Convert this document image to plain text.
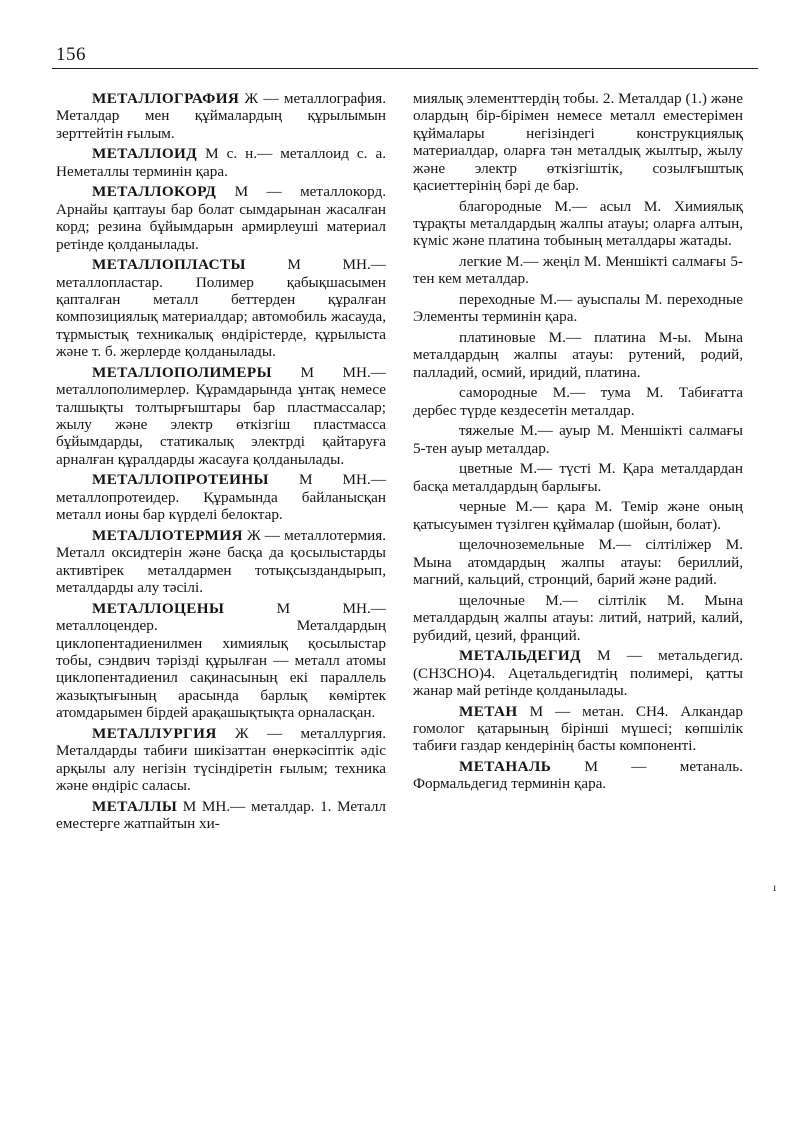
156

МЕТАЛЛОГРАФИЯ Ж — металлография. Металдар мен құймалардың құрылымын зерттейтін ғылым.

МЕТАЛЛОИД М с. н.— металлоид с. а. Неметаллы терминін қара.

МЕТАЛЛОКОРД М — металлокорд. Арнайы қаптауы бар болат сымдарынан жасалған корд; резина бұйымдарын армирлеуші материал ретінде қолданылады.

МЕТАЛЛОПЛАСТЫ М МН.— металлопластар. Полимер қабықшасымен қапталған металл беттерден құралған композициялық материалдар; автомобиль жасауда, тұрмыстық техникалық өндірістерде, құрылыста және т. б. жерлерде қолданылады.

МЕТАЛЛОПОЛИМЕРЫ М МН.— металлополимерлер. Құрамдарында ұнтақ немесе талшықты толтырғыштары бар пластмассалар; жылу және электр өткізгіш пластмасса бұйымдарды, статикалық электрді қайтаруға арналған құралдарды жасауға қолданылады.

МЕТАЛЛОПРОТЕИНЫ М МН.— металлопротеидер. Құрамында байланысқан металл ионы бар күрделі белоктар.

МЕТАЛЛОТЕРМИЯ Ж — металлотермия. Металл оксидтерін және басқа да қосылыстарды активтірек металдармен тотықсыздандырып, металдарды алу тәсілі.

МЕТАЛЛОЦЕНЫ М МН.— металлоцендер. Металдардың циклопентадиенилмен химиялық қосылыстар тобы, сэндвич тәрізді құрылған — металл атомы циклопентадиенил сақинасының екі параллель жазықтығының арасында барлық көміртек атомдарымен бірдей арақашықтықта орналасқан.

МЕТАЛЛУРГИЯ Ж — металлургия. Металдарды табиғи шикізаттан өнеркәсіптік әдіс арқылы алу негізін түсіндіретін ғылым; техника және өндіріс саласы.

МЕТАЛЛЫ М МН.— металдар. 1. Металл еместерге жатпайтын хи-

миялық элементтердің тобы. 2. Металдар (1.) және олардың бір-бірімен немесе металл еместерімен құймалары негізіндегі конструкциялық материалдар, оларға тән металдық жылтыр, жылу және электр өткізгіштік, созылғыштық қасиеттерінің бәрі де бар.

благородные М.— асыл М. Химиялық тұрақты металдардың жалпы атауы; оларға алтын, күміс және платина тобының металдары жатады.

легкие М.— жеңіл М. Меншікті салмағы 5-тен кем металдар.

переходные М.— ауыспалы М. переходные Элементы терминін қара.

платиновые М.— платина М-ы. Мына металдардың жалпы атауы: рутений, родий, палладий, осмий, иридий, платина.

самородные М.— тума М. Табиғатта дербес түрде кездесетін металдар.

тяжелые М.— ауыр М. Меншікті салмағы 5-тен ауыр металдар.

цветные М.— түсті М. Қара металдардан басқа металдардың барлығы.

черные М.— қара М. Темір және оның қатысуымен түзілген құймалар (шойын, болат).

щелочноземельные М.— сілтіліжер М. Мына атомдардың жалпы атауы: бериллий, магний, кальций, стронций, барий және радий.

щелочные М.— сілтілік М. Мына металдардың жалпы атауы: литий, натрий, калий, рубидий, цезий, франций.

МЕТАЛЬДЕГИД М — метальдегид. (CH3CHO)4. Ацетальдегидтің полимері, қатты жанар май ретінде қолданылады.

МЕТАН М — метан. CH4. Алкандар гомолог қатарының бірінші мүшесі; көпшілік табиғи газдар кендерінің басты компоненті.

МЕТАНАЛЬ М — метаналь. Формальдегид терминін қара.

ı
